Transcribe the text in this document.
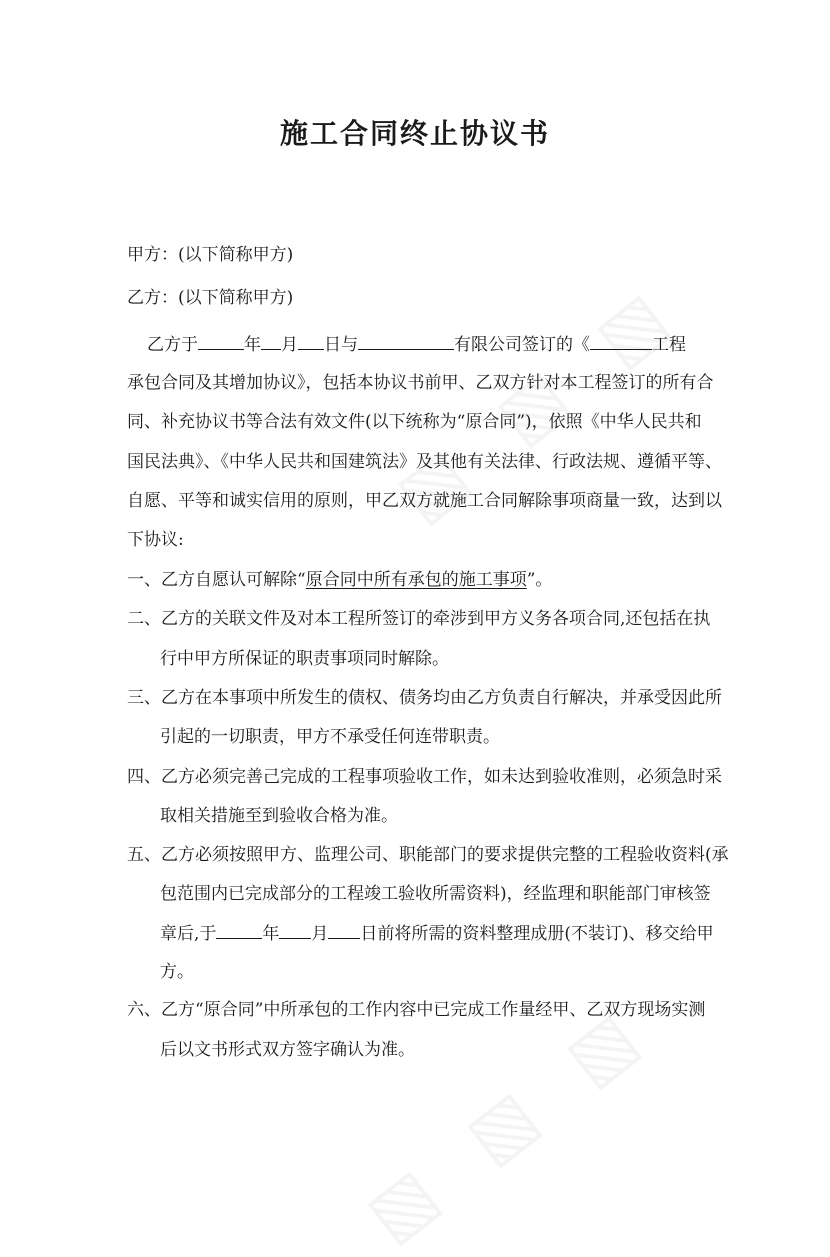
施工合同终止协议书
甲方：(以下简称甲方)
乙方：(以下简称甲方)
乙方于	年 月 日与	有限公司签订的《	工程
承包合同及其增加协议》，包括本协议书前甲、乙双方针对本工程签订的所有合
同、补充协议书等合法有效文件(以下统称为“原合同”)，依照《中华人民共和
国民法典》、《中华人民共和国建筑法》及其他有关法律、行政法规、遵循平等、
自愿、平等和诚实信用的原则，甲乙双方就施工合同解除事项商量一致，达到以
下协议:
一、乙方自愿认可解除“原合同中所有承包的施工事项”。
二、乙方的关联文件及对本工程所签订的牵涉到甲方义务各项合同,还包括在执
行中甲方所保证的职责事项同时解除。
三、乙方在本事项中所发生的债权、债务均由乙方负责自行解决，并承受因此所
引起的一切职责，甲方不承受任何连带职责。
四、乙方必须完善己完成的工程事项验收工作，如未达到验收准则，必须急时采
取相关措施至到验收合格为准。
五、乙方必须按照甲方、监理公司、职能部门的要求提供完整的工程验收资料(承
包范围内已完成部分的工程竣工验收所需资料)，经监理和职能部门审核签
章后,于	年 月 日前将所需的资料整理成册(不装订)、移交给甲
方。
六、乙方“原合同”中所承包的工作内容中已完成工作量经甲、乙双方现场实测
后以文书形式双方签字确认为准。
